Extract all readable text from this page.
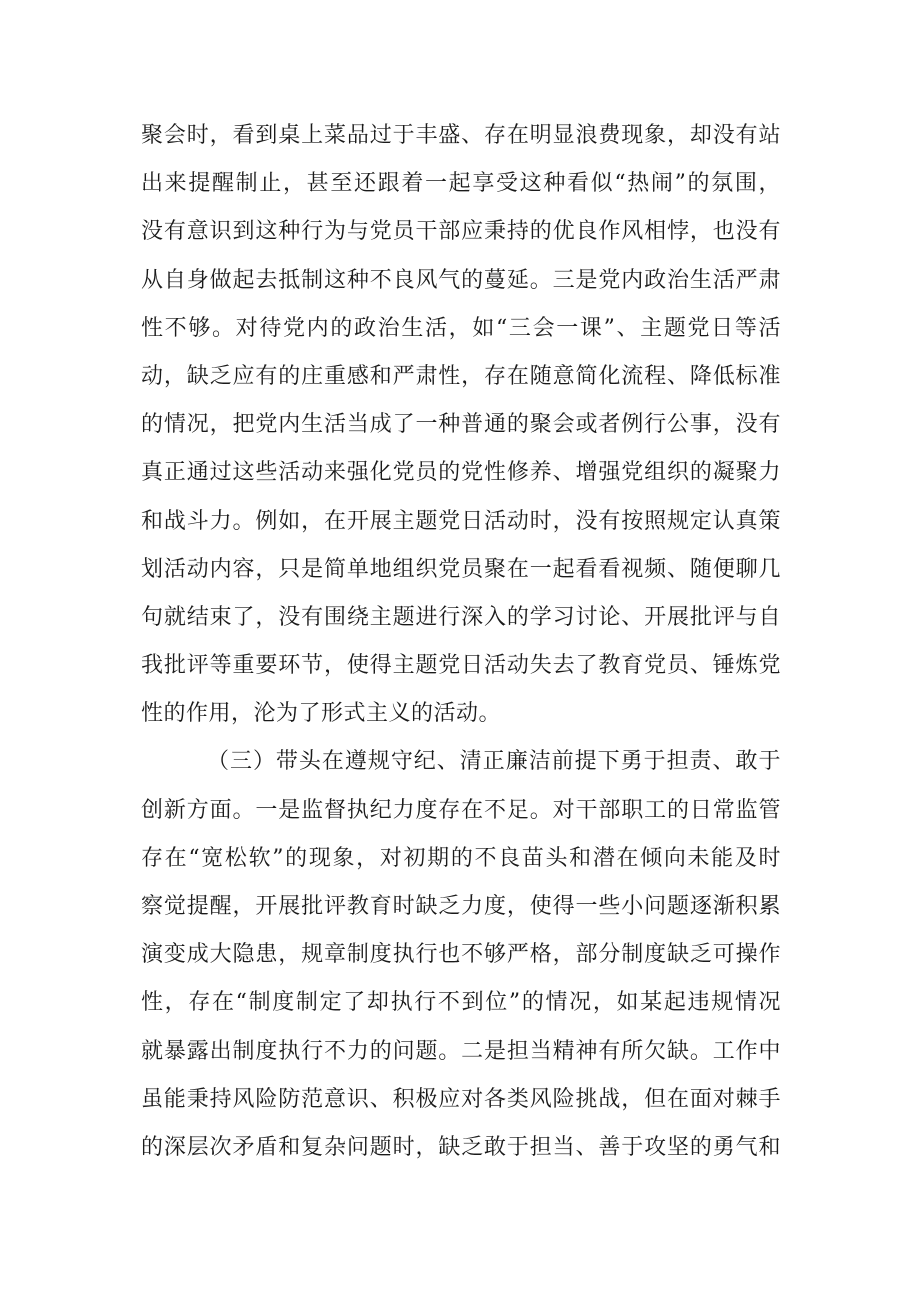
聚会时，看到桌上菜品过于丰盛、存在明显浪费现象，却没有站
出来提醒制止，甚至还跟着一起享受这种看似“热闹”的氛围，
没有意识到这种行为与党员干部应秉持的优良作风相悖，也没有
从自身做起去抵制这种不良风气的蔓延。三是党内政治生活严肃
性不够。对待党内的政治生活，如“三会一课”、主题党日等活
动，缺乏应有的庄重感和严肃性，存在随意简化流程、降低标准
的情况，把党内生活当成了一种普通的聚会或者例行公事，没有
真正通过这些活动来强化党员的党性修养、增强党组织的凝聚力
和战斗力。例如，在开展主题党日活动时，没有按照规定认真策
划活动内容，只是简单地组织党员聚在一起看看视频、随便聊几
句就结束了，没有围绕主题进行深入的学习讨论、开展批评与自
我批评等重要环节，使得主题党日活动失去了教育党员、锤炼党
性的作用，沦为了形式主义的活动。
（三）带头在遵规守纪、清正廉洁前提下勇于担责、敢于
创新方面。一是监督执纪力度存在不足。对干部职工的日常监管
存在“宽松软”的现象，对初期的不良苗头和潜在倾向未能及时
察觉提醒，开展批评教育时缺乏力度，使得一些小问题逐渐积累
演变成大隐患，规章制度执行也不够严格，部分制度缺乏可操作
性，存在“制度制定了却执行不到位”的情况，如某起违规情况
就暴露出制度执行不力的问题。二是担当精神有所欠缺。工作中
虽能秉持风险防范意识、积极应对各类风险挑战，但在面对棘手
的深层次矛盾和复杂问题时，缺乏敢于担当、善于攻坚的勇气和
